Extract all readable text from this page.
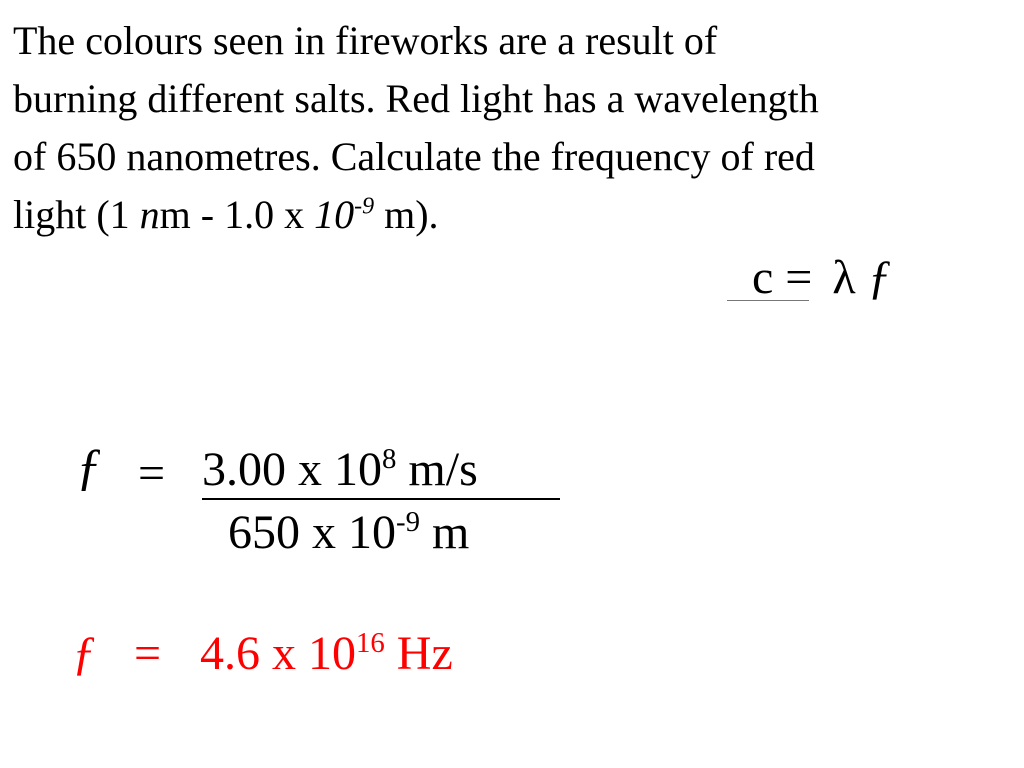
The colours seen in fireworks are a result of
burning different salts. Red light has a wavelength
of 650 nanometres. Calculate the frequency of red
light (1 nm - 1.0 x $10^{-9}$ m).
c = λ ƒ
ƒ = 3.00 x $10^8$ m/s
650 x $10^{-9}$ m
ƒ = 4.6 x $10^{16}$ Hz
